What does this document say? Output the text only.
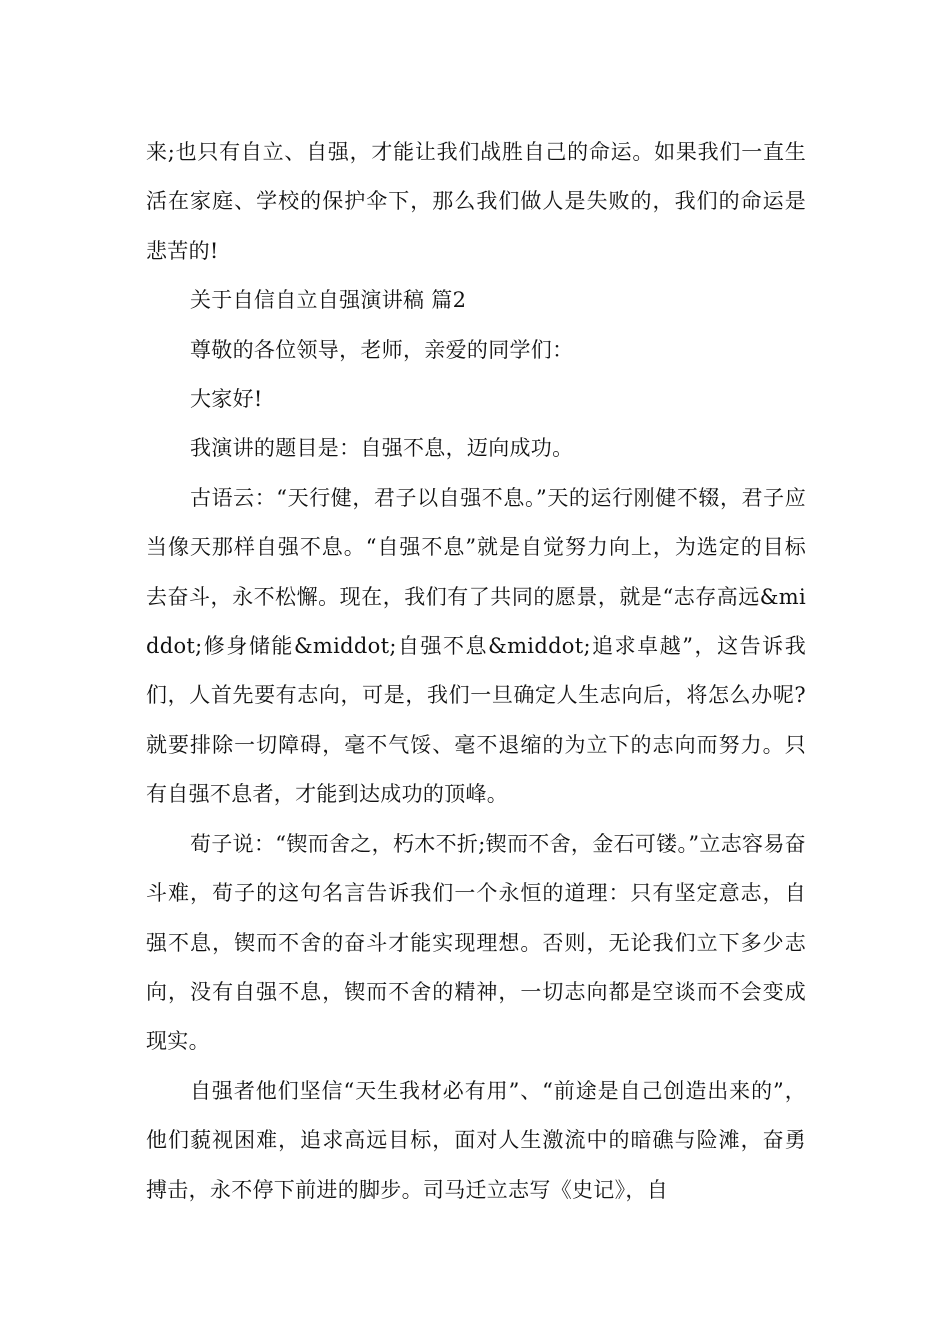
来;也只有自立、自强，才能让我们战胜自己的命运。如果我们一直生活在家庭、学校的保护伞下，那么我们做人是失败的，我们的命运是悲苦的!

关于自信自立自强演讲稿 篇2

尊敬的各位领导，老师，亲爱的同学们：

大家好!

我演讲的题目是：自强不息，迈向成功。

古语云：“天行健，君子以自强不息。”天的运行刚健不辍，君子应当像天那样自强不息。“自强不息”就是自觉努力向上，为选定的目标去奋斗，永不松懈。现在，我们有了共同的愿景，就是“志存高远&middot;修身储能&middot;自强不息&middot;追求卓越”，这告诉我们，人首先要有志向，可是，我们一旦确定人生志向后，将怎么办呢?就要排除一切障碍，毫不气馁、毫不退缩的为立下的志向而努力。只有自强不息者，才能到达成功的顶峰。

荀子说：“锲而舍之，朽木不折;锲而不舍，金石可镂。”立志容易奋斗难，荀子的这句名言告诉我们一个永恒的道理：只有坚定意志，自强不息，锲而不舍的奋斗才能实现理想。否则，无论我们立下多少志向，没有自强不息，锲而不舍的精神，一切志向都是空谈而不会变成现实。

自强者他们坚信“天生我材必有用”、“前途是自己创造出来的”，他们藐视困难，追求高远目标，面对人生激流中的暗礁与险滩，奋勇搏击，永不停下前进的脚步。司马迁立志写《史记》，自
